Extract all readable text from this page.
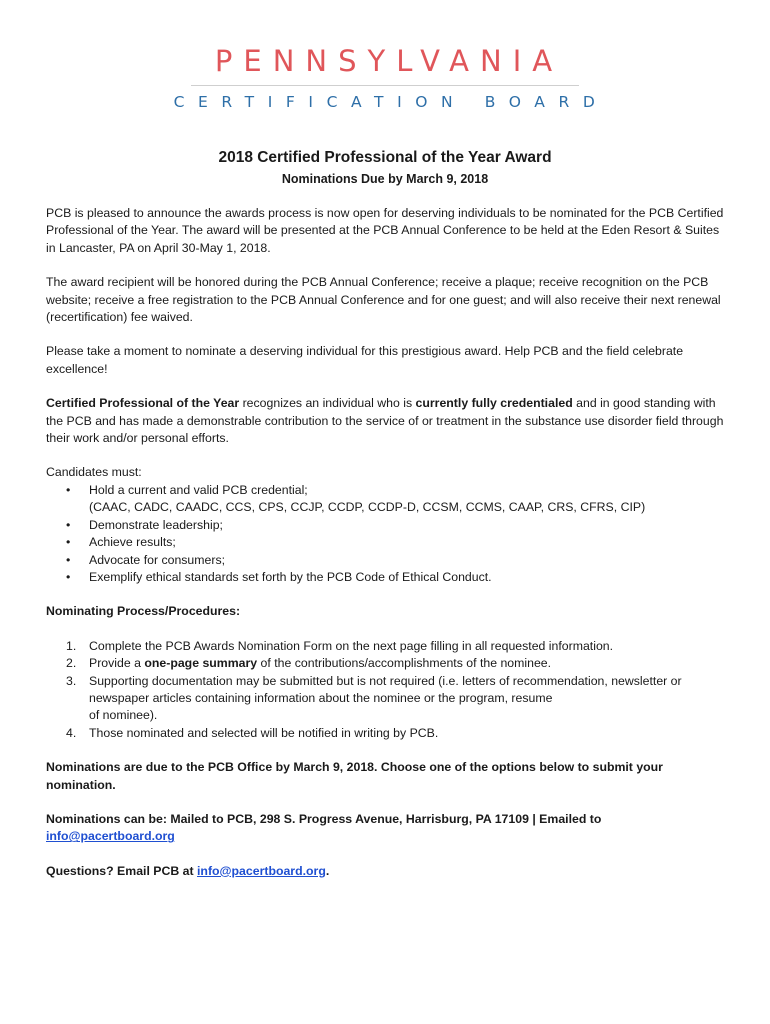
PENNSYLVANIA
CERTIFICATION BOARD
2018 Certified Professional of the Year Award
Nominations Due by March 9, 2018

PCB is pleased to announce the awards process is now open for deserving individuals to be nominated for the PCB Certified Professional of the Year. The award will be presented at the PCB Annual Conference to be held at the Eden Resort & Suites in Lancaster, PA on April 30-May 1, 2018.

The award recipient will be honored during the PCB Annual Conference; receive a plaque; receive recognition on the PCB website; receive a free registration to the PCB Annual Conference and for one guest; and will also receive their next renewal (recertification) fee waived.

Please take a moment to nominate a deserving individual for this prestigious award. Help PCB and the field celebrate excellence!

Certified Professional of the Year recognizes an individual who is currently fully credentialed and in good standing with the PCB and has made a demonstrable contribution to the service of or treatment in the substance use disorder field through their work and/or personal efforts.

Candidates must:

• Hold a current and valid PCB credential;
(CAAC, CADC, CAADC, CCS, CPS, CCJP, CCDP, CCDP-D, CCSM, CCMS, CAAP, CRS, CFRS, CIP)
• Demonstrate leadership;
• Achieve results;
• Advocate for consumers;
• Exemplify ethical standards set forth by the PCB Code of Ethical Conduct.

Nominating Process/Procedures:

1. Complete the PCB Awards Nomination Form on the next page filling in all requested information.
2. Provide a one-page summary of the contributions/accomplishments of the nominee.
3. Supporting documentation may be submitted but is not required (i.e. letters of recommendation, newsletter or
newspaper articles containing information about the nominee or the program, resume
of nominee).
4. Those nominated and selected will be notified in writing by PCB.

Nominations are due to the PCB Office by March 9, 2018. Choose one of the options below to submit your nomination.

Nominations can be: Mailed to PCB, 298 S. Progress Avenue, Harrisburg, PA 17109 | Emailed to info@pacertboard.org

Questions? Email PCB at info@pacertboard.org.
